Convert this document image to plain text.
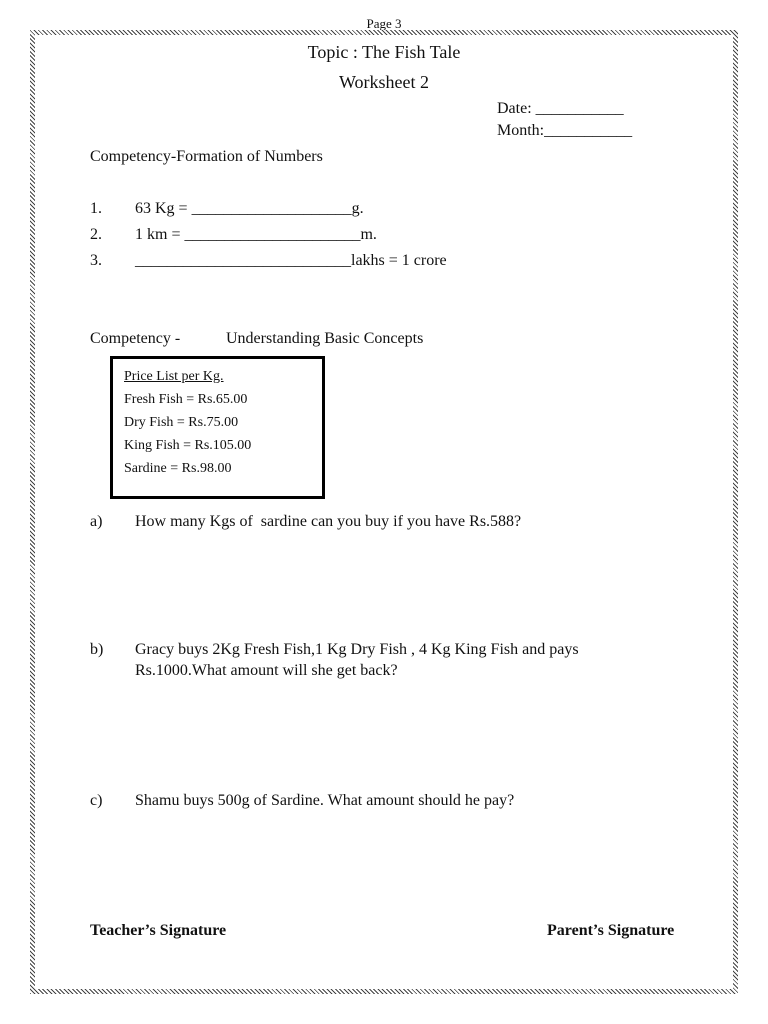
Page 3
Topic : The Fish Tale
Worksheet 2
Date: ___________
Month:___________
Competency-Formation of Numbers
1.	63 Kg = ____________________g.
2.	1 km = ______________________m.
3.	___________________________lakhs = 1 crore
Competency -	Understanding Basic Concepts
Price List per Kg.
Fresh Fish = Rs.65.00
Dry Fish = Rs.75.00
King Fish = Rs.105.00
Sardine = Rs.98.00
a)	How many Kgs of  sardine can you buy if you have Rs.588?
b)	Gracy buys 2Kg Fresh Fish,1 Kg Dry Fish , 4 Kg King Fish and pays
Rs.1000.What amount will she get back?
c)	Shamu buys 500g of Sardine. What amount should he pay?
Teacher’s Signature	Parent’s Signature
